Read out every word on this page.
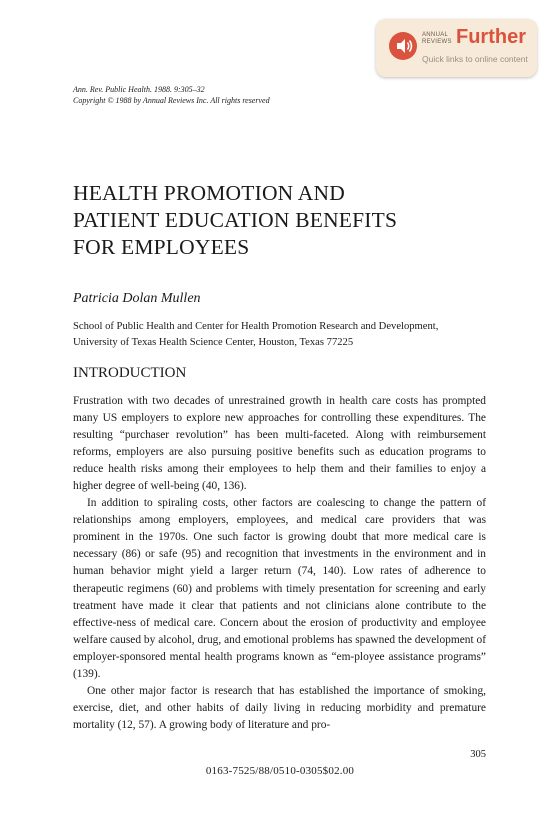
ANNUAL
REVIEWS Further
Quick links to online content
Ann. Rev. Public Health. 1988. 9:305–32
Copyright © 1988 by Annual Reviews Inc. All rights reserved
HEALTH PROMOTION AND
PATIENT EDUCATION BENEFITS
FOR EMPLOYEES
Patricia Dolan Mullen
School of Public Health and Center for Health Promotion Research and Development,
University of Texas Health Science Center, Houston, Texas 77225
INTRODUCTION

Frustration with two decades of unrestrained growth in health care costs has prompted many US employers to explore new approaches for controlling these expenditures. The resulting “purchaser revolution” has been multi-faceted. Along with reimbursement reforms, employers are also pursuing positive benefits such as education programs to reduce health risks among their employees to help them and their families to enjoy a higher degree of well-being (40, 136).

In addition to spiraling costs, other factors are coalescing to change the pattern of relationships among employers, employees, and medical care providers that was prominent in the 1970s. One such factor is growing doubt that more medical care is necessary (86) or safe (95) and recognition that investments in the environment and in human behavior might yield a larger return (74, 140). Low rates of adherence to therapeutic regimens (60) and problems with timely presentation for screening and early treatment have made it clear that patients and not clinicians alone contribute to the effective-ness of medical care. Concern about the erosion of productivity and employee welfare caused by alcohol, drug, and emotional problems has spawned the development of employer-sponsored mental health programs known as “em-ployee assistance programs” (139).

One other major factor is research that has established the importance of smoking, exercise, diet, and other habits of daily living in reducing morbidity and premature mortality (12, 57). A growing body of literature and pro-

305
0163-7525/88/0510-0305$02.00
